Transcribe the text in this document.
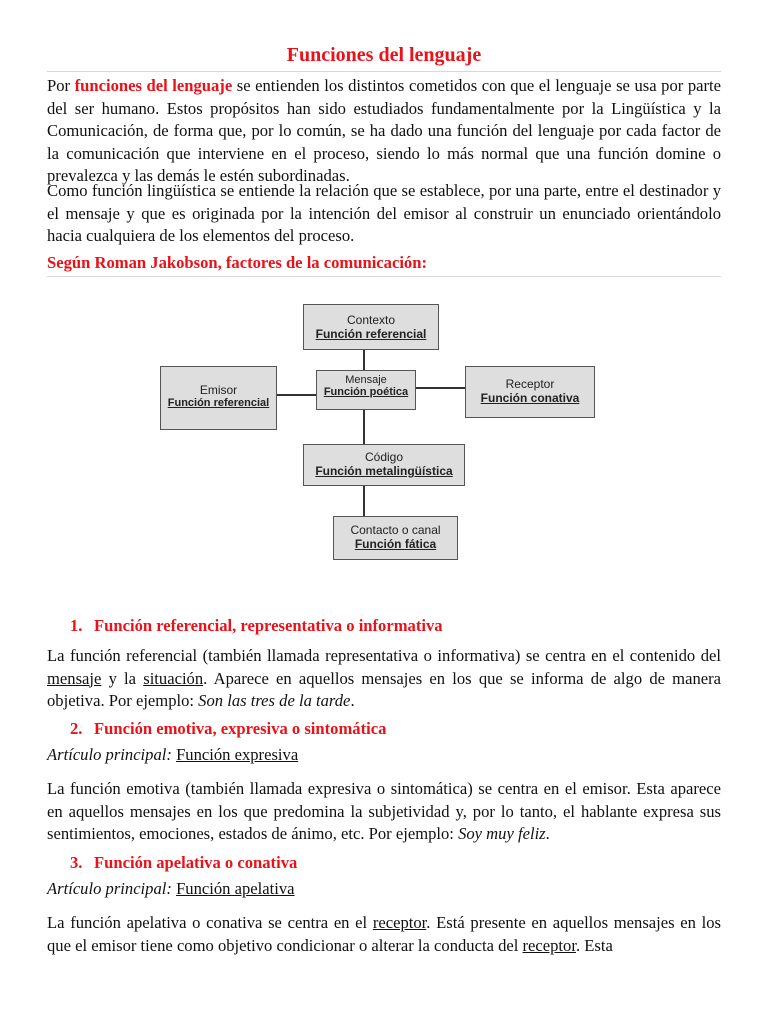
Funciones del lenguaje
Por funciones del lenguaje se entienden los distintos cometidos con que el lenguaje se usa por parte del ser humano. Estos propósitos han sido estudiados fundamentalmente por la Lingüística y la Comunicación, de forma que, por lo común, se ha dado una función del lenguaje por cada factor de la comunicación que interviene en el proceso, siendo lo más normal que una función domine o prevalezca y las demás le estén subordinadas.
Como función lingüística se entiende la relación que se establece, por una parte, entre el destinador y el mensaje y que es originada por la intención del emisor al construir un enunciado orientándolo hacia cualquiera de los elementos del proceso.
Según Roman Jakobson, factores de la comunicación:
Contexto
Función referencial
Emisor
Función referencial
Mensaje
Función poética
Receptor
Función conativa
Código
Función metalingüística
Contacto o canal
Función fática
1. Función referencial, representativa o informativa
La función referencial (también llamada representativa o informativa) se centra en el contenido del mensaje y la situación. Aparece en aquellos mensajes en los que se informa de algo de manera objetiva. Por ejemplo: Son las tres de la tarde.
2. Función emotiva, expresiva o sintomática
Artículo principal: Función expresiva
La función emotiva (también llamada expresiva o sintomática) se centra en el emisor. Esta aparece en aquellos mensajes en los que predomina la subjetividad y, por lo tanto, el hablante expresa sus sentimientos, emociones, estados de ánimo, etc. Por ejemplo: Soy muy feliz.
3. Función apelativa o conativa
Artículo principal: Función apelativa
La función apelativa o conativa se centra en el receptor. Está presente en aquellos mensajes en los que el emisor tiene como objetivo condicionar o alterar la conducta del receptor. Esta
